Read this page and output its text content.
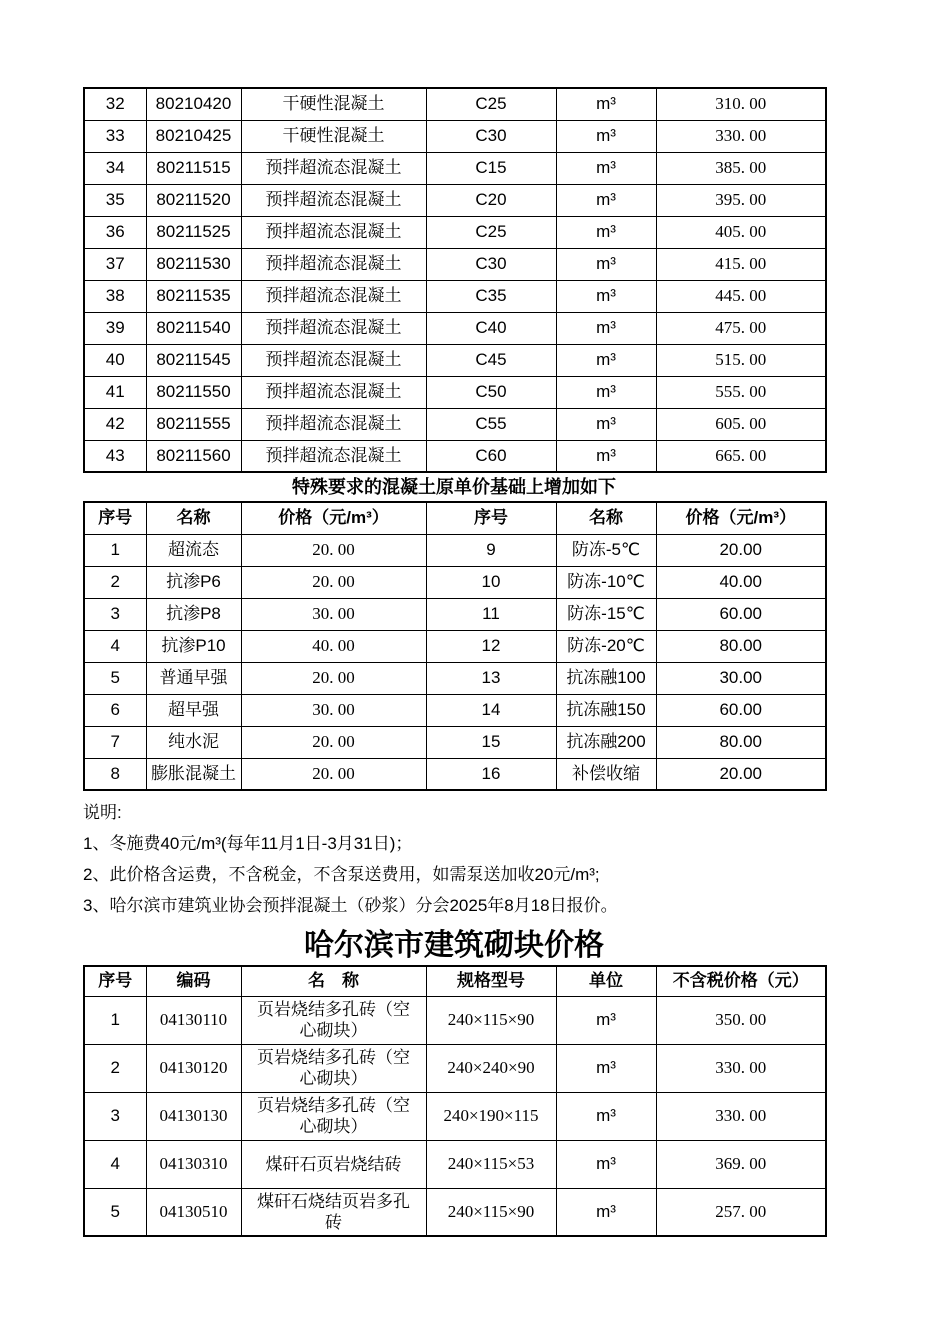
32	80210420	干硬性混凝土	C25	m³	310. 00
33	80210425	干硬性混凝土	C30	m³	330. 00
34	80211515	预拌超流态混凝土	C15	m³	385. 00
35	80211520	预拌超流态混凝土	C20	m³	395. 00
36	80211525	预拌超流态混凝土	C25	m³	405. 00
37	80211530	预拌超流态混凝土	C30	m³	415. 00
38	80211535	预拌超流态混凝土	C35	m³	445. 00
39	80211540	预拌超流态混凝土	C40	m³	475. 00
40	80211545	预拌超流态混凝土	C45	m³	515. 00
41	80211550	预拌超流态混凝土	C50	m³	555. 00
42	80211555	预拌超流态混凝土	C55	m³	605. 00
43	80211560	预拌超流态混凝土	C60	m³	665. 00
特殊要求的混凝土原单价基础上增加如下
序号	名称	价格（元/m³）	序号	名称	价格（元/m³）
1	超流态	20. 00	9	防冻-5℃	20.00
2	抗渗P6	20. 00	10	防冻-10℃	40.00
3	抗渗P8	30. 00	11	防冻-15℃	60.00
4	抗渗P10	40. 00	12	防冻-20℃	80.00
5	普通早强	20. 00	13	抗冻融100	30.00
6	超早强	30. 00	14	抗冻融150	60.00
7	纯水泥	20. 00	15	抗冻融200	80.00
8	膨胀混凝土	20. 00	16	补偿收缩	20.00
说明:
1、冬施费40元/m³(每年11月1日-3月31日)；
2、此价格含运费，不含税金，不含泵送费用，如需泵送加收20元/m³;
3、哈尔滨市建筑业协会预拌混凝土（砂浆）分会2025年8月18日报价。
哈尔滨市建筑砌块价格
序号	编码	名　称	规格型号	单位	不含税价格（元）
1	04130110	页岩烧结多孔砖（空心砌块）	240×115×90	m³	350. 00
2	04130120	页岩烧结多孔砖（空心砌块）	240×240×90	m³	330. 00
3	04130130	页岩烧结多孔砖（空心砌块）	240×190×115	m³	330. 00
4	04130310	煤矸石页岩烧结砖	240×115×53	m³	369. 00
5	04130510	煤矸石烧结页岩多孔砖	240×115×90	m³	257. 00
